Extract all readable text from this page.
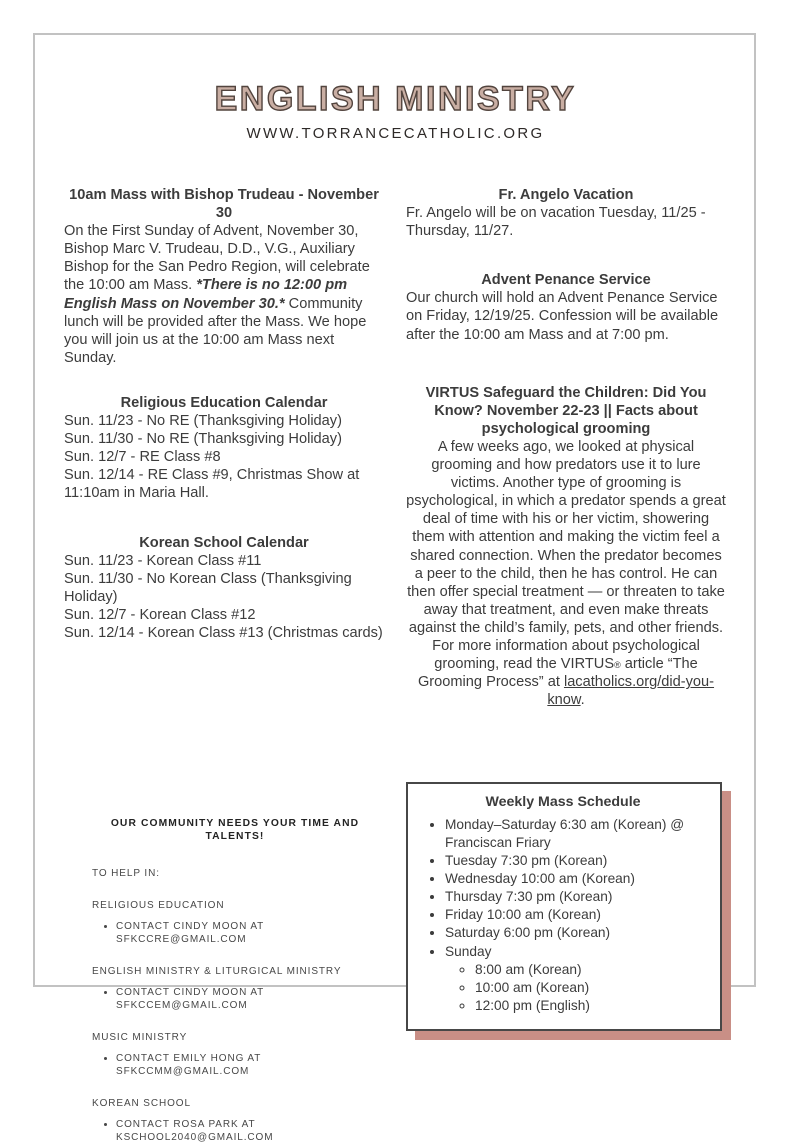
ENGLISH MINISTRY
WWW.TORRANCECATHOLIC.ORG
10am Mass with Bishop Trudeau - November 30

On the First Sunday of Advent, November 30, Bishop Marc V. Trudeau, D.D., V.G., Auxiliary Bishop for the San Pedro Region, will celebrate the 10:00 am Mass. *There is no 12:00 pm English Mass on November 30.* Community lunch will be provided after the Mass. We hope you will join us at the 10:00 am Mass next Sunday.

Religious Education Calendar
Sun. 11/23 - No RE (Thanksgiving Holiday)
Sun. 11/30 - No RE (Thanksgiving Holiday)
Sun. 12/7 - RE Class #8
Sun. 12/14 - RE Class #9, Christmas Show at 11:10am in Maria Hall.
Korean School Calendar
Sun. 11/23 - Korean Class #11
Sun. 11/30 - No Korean Class (Thanksgiving Holiday)
Sun. 12/7 - Korean Class #12
Sun. 12/14 - Korean Class #13 (Christmas cards)
OUR COMMUNITY NEEDS YOUR TIME AND TALENTS!
TO HELP IN:
RELIGIOUS EDUCATION
• CONTACT CINDY MOON AT SFKCCRE@GMAIL.COM
ENGLISH MINISTRY & LITURGICAL MINISTRY
• CONTACT CINDY MOON AT SFKCCEM@GMAIL.COM
MUSIC MINISTRY
• CONTACT EMILY HONG AT SFKCCMM@GMAIL.COM
KOREAN SCHOOL
• CONTACT ROSA PARK AT KSCHOOL2040@GMAIL.COM
Fr. Angelo Vacation

Fr. Angelo will be on vacation Tuesday, 11/25 - Thursday, 11/27.

Advent Penance Service

Our church will hold an Advent Penance Service on Friday, 12/19/25. Confession will be available after the 10:00 am Mass and at 7:00 pm.

VIRTUS Safeguard the Children: Did You Know? November 22-23 || Facts about psychological grooming

A few weeks ago, we looked at physical grooming and how predators use it to lure victims. Another type of grooming is psychological, in which a predator spends a great deal of time with his or her victim, showering them with attention and making the victim feel a shared connection. When the predator becomes a peer to the child, then he has control. He can then offer special treatment — or threaten to take away that treatment, and even make threats against the child’s family, pets, and other friends. For more information about psychological grooming, read the VIRTUS® article “The Grooming Process” at lacatholics.org/did-you-know.

Weekly Mass Schedule
• Monday–Saturday 6:30 am (Korean) @ Franciscan Friary
• Tuesday 7:30 pm (Korean)
• Wednesday 10:00 am (Korean)
• Thursday 7:30 pm (Korean)
• Friday 10:00 am (Korean)
• Saturday 6:00 pm (Korean)
• Sunday
◦ 8:00 am (Korean)
◦ 10:00 am (Korean)
◦ 12:00 pm (English)
